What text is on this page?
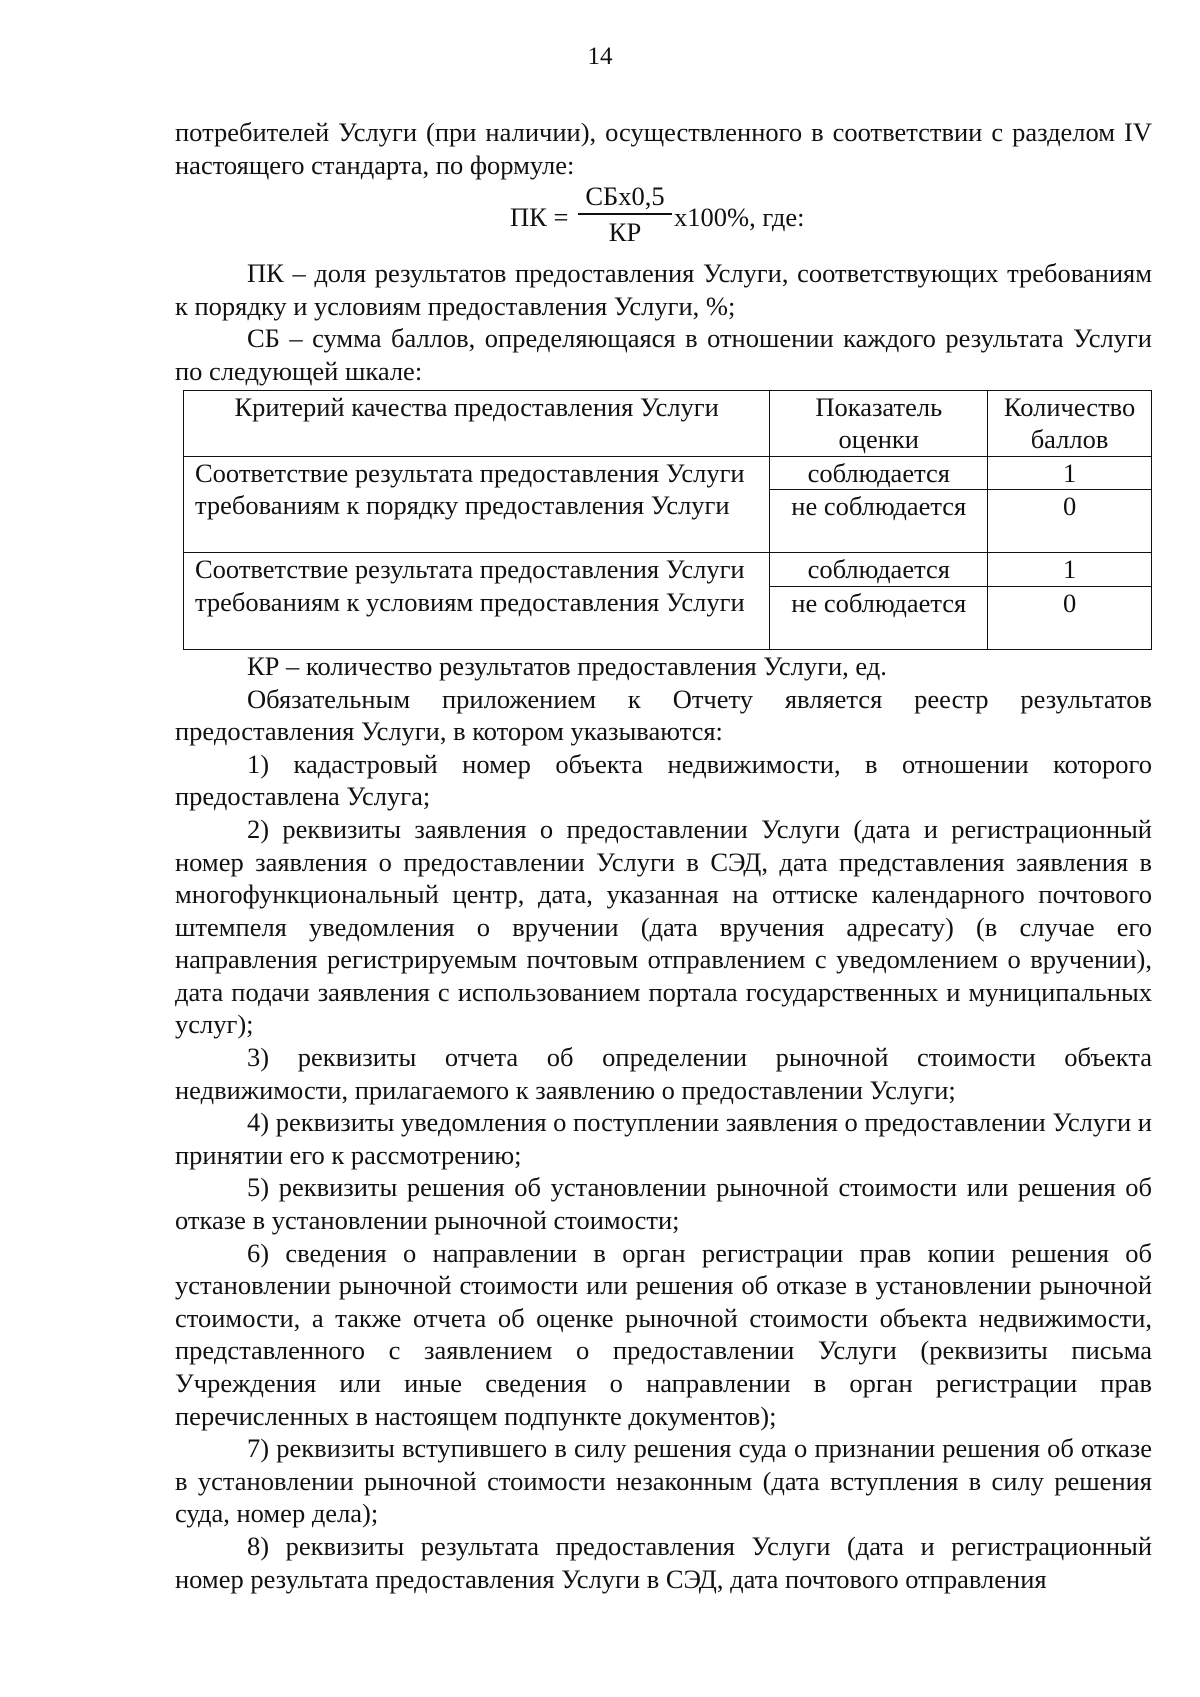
14

потребителей Услуги (при наличии), осуществленного в соответствии с разделом IV настоящего стандарта, по формуле:

ПК =
СБх0,5
КР	x100%, где:

ПК – доля результатов предоставления Услуги, соответствующих требованиям к порядку и условиям предоставления Услуги, %;

СБ – сумма баллов, определяющаяся в отношении каждого результата Услуги по следующей шкале:

Критерий качества предоставления Услуги	Показатель оценки	Количество баллов
Соответствие результата предоставления Услуги требованиям к порядку предоставления Услуги	соблюдается	1
	не соблюдается	0
Соответствие результата предоставления Услуги требованиям к условиям предоставления Услуги	соблюдается	1
	не соблюдается	0

КР – количество результатов предоставления Услуги, ед.

Обязательным приложением к Отчету является реестр результатов предоставления Услуги, в котором указываются:

1) кадастровый номер объекта недвижимости, в отношении которого предоставлена Услуга;

2) реквизиты заявления о предоставлении Услуги (дата и регистрационный номер заявления о предоставлении Услуги в СЭД, дата представления заявления в многофункциональный центр, дата, указанная на оттиске календарного почтового штемпеля уведомления о вручении (дата вручения адресату) (в случае его направления регистрируемым почтовым отправлением с уведомлением о вручении), дата подачи заявления с использованием портала государственных и муниципальных услуг);

3) реквизиты отчета об определении рыночной стоимости объекта недвижимости, прилагаемого к заявлению о предоставлении Услуги;

4) реквизиты уведомления о поступлении заявления о предоставлении Услуги и принятии его к рассмотрению;

5) реквизиты решения об установлении рыночной стоимости или решения об отказе в установлении рыночной стоимости;

6) сведения о направлении в орган регистрации прав копии решения об установлении рыночной стоимости или решения об отказе в установлении рыночной стоимости, а также отчета об оценке рыночной стоимости объекта недвижимости, представленного с заявлением о предоставлении Услуги (реквизиты письма Учреждения или иные сведения о направлении в орган регистрации прав перечисленных в настоящем подпункте документов);

7) реквизиты вступившего в силу решения суда о признании решения об отказе в установлении рыночной стоимости незаконным (дата вступления в силу решения суда, номер дела);

8) реквизиты результата предоставления Услуги (дата и регистрационный номер результата предоставления Услуги в СЭД, дата почтового отправления
